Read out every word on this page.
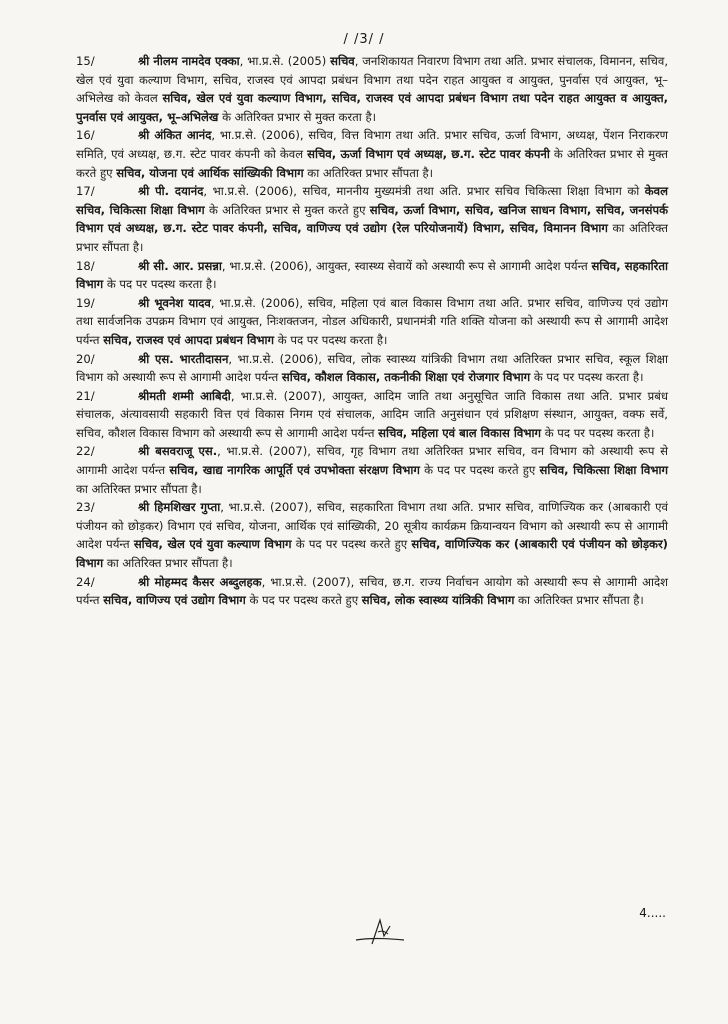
/ /3/ /

15/	श्री नीलम नामदेव एक्का, भा.प्र.से. (2005) सचिव, जनशिकायत निवारण विभाग तथा अति. प्रभार संचालक, विमानन, सचिव, खेल एवं युवा कल्याण विभाग, सचिव, राजस्व एवं आपदा प्रबंधन विभाग तथा पदेन राहत आयुक्त व आयुक्त, पुनर्वास एवं आयुक्त, भू–अभिलेख को केवल सचिव, खेल एवं युवा कल्याण विभाग, सचिव, राजस्व एवं आपदा प्रबंधन विभाग तथा पदेन राहत आयुक्त व आयुक्त, पुनर्वास एवं आयुक्त, भू–अभिलेख के अतिरिक्त प्रभार से मुक्त करता है।

16/	श्री अंकित आनंद, भा.प्र.से. (2006), सचिव, वित्त विभाग तथा अति. प्रभार सचिव, ऊर्जा विभाग, अध्यक्ष, पेंशन निराकरण समिति, एवं अध्यक्ष, छ.ग. स्टेट पावर कंपनी को केवल सचिव, ऊर्जा विभाग एवं अध्यक्ष, छ.ग. स्टेट पावर कंपनी के अतिरिक्त प्रभार से मुक्त करते हुए सचिव, योजना एवं आर्थिक सांख्यिकी विभाग का अतिरिक्त प्रभार सौंपता है।

17/	श्री पी. दयानंद, भा.प्र.से. (2006), सचिव, माननीय मुख्यमंत्री तथा अति. प्रभार सचिव चिकित्सा शिक्षा विभाग को केवल सचिव, चिकित्सा शिक्षा विभाग के अतिरिक्त प्रभार से मुक्त करते हुए सचिव, ऊर्जा विभाग, सचिव, खनिज साधन विभाग, सचिव, जनसंपर्क विभाग एवं अध्यक्ष, छ.ग. स्टेट पावर कंपनी, सचिव, वाणिज्य एवं उद्योग (रेल परियोजनायें) विभाग, सचिव, विमानन विभाग का अतिरिक्त प्रभार सौंपता है।

18/	श्री सी. आर. प्रसन्ना, भा.प्र.से. (2006), आयुक्त, स्वास्थ्य सेवायें को अस्थायी रूप से आगामी आदेश पर्यन्त सचिव, सहकारिता विभाग के पद पर पदस्थ करता है।

19/	श्री भूवनेश यादव, भा.प्र.से. (2006), सचिव, महिला एवं बाल विकास विभाग तथा अति. प्रभार सचिव, वाणिज्य एवं उद्योग तथा सार्वजनिक उपक्रम विभाग एवं आयुक्त, निःशक्तजन, नोडल अधिकारी, प्रधानमंत्री गति शक्ति योजना को अस्थायी रूप से आगामी आदेश पर्यन्त सचिव, राजस्व एवं आपदा प्रबंधन विभाग के पद पर पदस्थ करता है।

20/	श्री एस. भारतीदासन, भा.प्र.से. (2006), सचिव, लोक स्वास्थ्य यांत्रिकी विभाग तथा अतिरिक्त प्रभार सचिव, स्कूल शिक्षा विभाग को अस्थायी रूप से आगामी आदेश पर्यन्त सचिव, कौशल विकास, तकनीकी शिक्षा एवं रोजगार विभाग के पद पर पदस्थ करता है।

21/	श्रीमती शम्मी आबिदी, भा.प्र.से. (2007), आयुक्त, आदिम जाति तथा अनुसूचित जाति विकास तथा अति. प्रभार प्रबंध संचालक, अंत्यावसायी सहकारी वित्त एवं विकास निगम एवं संचालक, आदिम जाति अनुसंधान एवं प्रशिक्षण संस्थान, आयुक्त, वक्फ सर्वे, सचिव, कौशल विकास विभाग को अस्थायी रूप से आगामी आदेश पर्यन्त सचिव, महिला एवं बाल विकास विभाग के पद पर पदस्थ करता है।

22/	श्री बसवराजू एस., भा.प्र.से. (2007), सचिव, गृह विभाग तथा अतिरिक्त प्रभार सचिव, वन विभाग को अस्थायी रूप से आगामी आदेश पर्यन्त सचिव, खाद्य नागरिक आपूर्ति एवं उपभोक्ता संरक्षण विभाग के पद पर पदस्थ करते हुए सचिव, चिकित्सा शिक्षा विभाग का अतिरिक्त प्रभार सौंपता है।

23/	श्री हिमशिखर गुप्ता, भा.प्र.से. (2007), सचिव, सहकारिता विभाग तथा अति. प्रभार सचिव, वाणिज्यिक कर (आबकारी एवं पंजीयन को छोड़कर) विभाग एवं सचिव, योजना, आर्थिक एवं सांख्यिकी, 20 सूत्रीय कार्यक्रम क्रियान्वयन विभाग को अस्थायी रूप से आगामी आदेश पर्यन्त सचिव, खेल एवं युवा कल्याण विभाग के पद पर पदस्थ करते हुए सचिव, वाणिज्यिक कर (आबकारी एवं पंजीयन को छोड़कर) विभाग का अतिरिक्त प्रभार सौंपता है।

24/	श्री मोहम्मद कैसर अब्दुलहक, भा.प्र.से. (2007), सचिव, छ.ग. राज्य निर्वाचन आयोग को अस्थायी रूप से आगामी आदेश पर्यन्त सचिव, वाणिज्य एवं उद्योग विभाग के पद पर पदस्थ करते हुए सचिव, लोक स्वास्थ्य यांत्रिकी विभाग का अतिरिक्त प्रभार सौंपता है।

4.....
